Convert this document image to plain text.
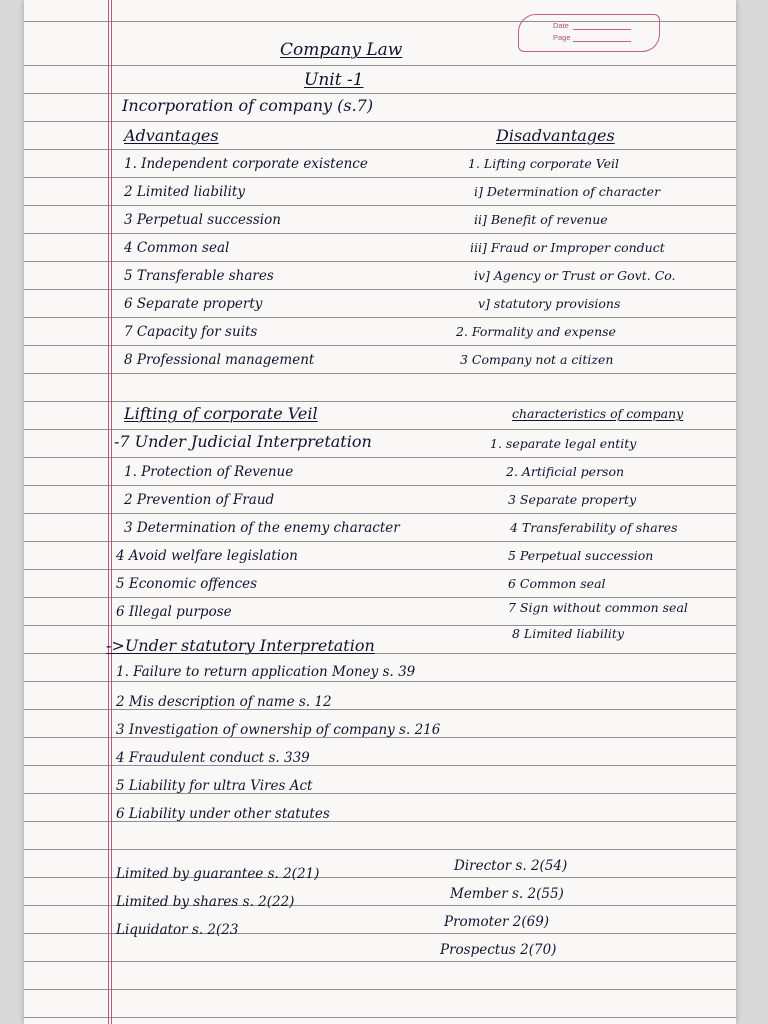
Date
Page
Company Law
Unit -1
Incorporation of company (s.7)
Advantages	Disadvantages
1. Independent corporate existence
2 Limited liability
3 Perpetual succession
4 Common seal
5 Transferable shares
6 Separate property
7 Capacity for suits
8 Professional management
1. Lifting corporate Veil
i] Determination of character
ii] Benefit of revenue
iii] Fraud or Improper conduct
iv] Agency or Trust or Govt. Co.
v] statutory provisions
2. Formality and expense
3 Company not a citizen
Lifting of corporate Veil	characteristics of company
-7 Under Judicial Interpretation
1. Protection of Revenue
2 Prevention of Fraud
3 Determination of the enemy character
4 Avoid welfare legislation
5 Economic offences
6 Illegal purpose
1. separate legal entity
2. Artificial person
3 Separate property
4 Transferability of shares
5 Perpetual succession
6 Common seal
7 Sign without common seal
8 Limited liability
->Under statutory Interpretation
1. Failure to return application Money s. 39
2 Mis description of name s. 12
3 Investigation of ownership of company s. 216
4 Fraudulent conduct s. 339
5 Liability for ultra Vires Act
6 Liability under other statutes
Limited by guarantee s. 2(21)
Limited by shares s. 2(22)
Liquidator s. 2(23
Director s. 2(54)
Member s. 2(55)
Promoter 2(69)
Prospectus 2(70)
